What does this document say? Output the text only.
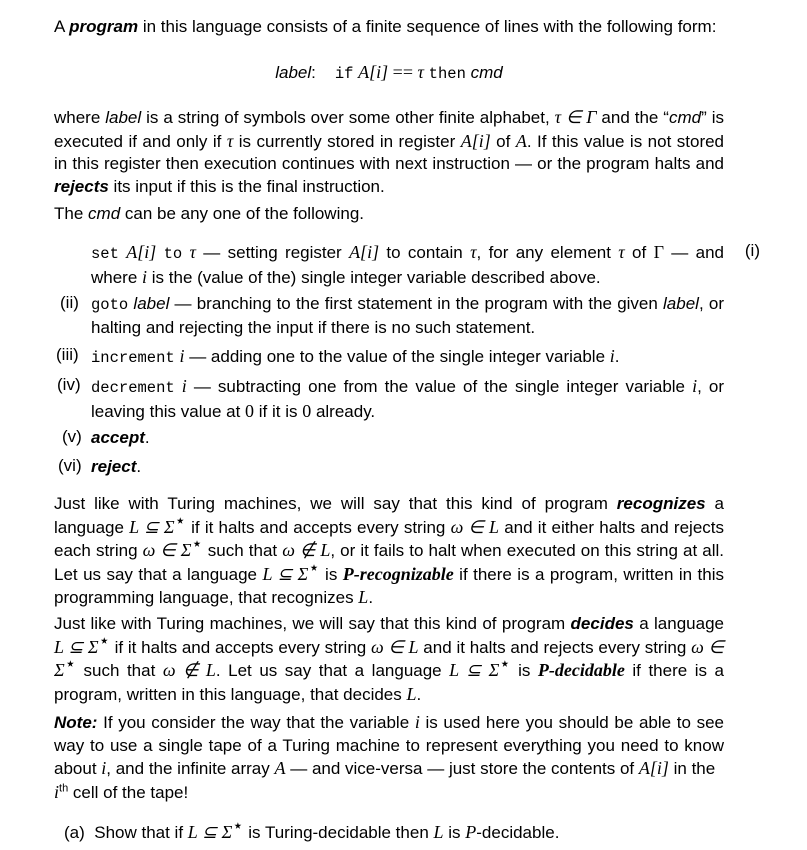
A program in this language consists of a finite sequence of lines with the following form:

label: if A[i] == τ then cmd

where label is a string of symbols over some other finite alphabet, τ ∈ Γ and the “cmd” is executed if and only if τ is currently stored in register A[i] of A. If this value is not stored in this register then execution continues with next instruction — or the program halts and rejects its input if this is the final instruction.

The cmd can be any one of the following.

(i)

set A[i] to τ — setting register A[i] to contain τ, for any element τ of Γ — and where i is the (value of the) single integer variable described above.

(ii) goto label — branching to the first statement in the program with the given label, or halting and rejecting the input if there is no such statement.

(iii) increment i — adding one to the value of the single integer variable i.

(iv) decrement i — subtracting one from the value of the single integer variable i, or leaving this value at 0 if it is 0 already.

(v) accept.

(vi) reject.

Just like with Turing machines, we will say that this kind of program recognizes a language L ⊆ Σ⋆ if it halts and accepts every string ω ∈ L and it either halts and rejects each string ω ∈ Σ⋆ such that ω ∉ L, or it fails to halt when executed on this string at all. Let us say that a language L ⊆ Σ⋆ is P-recognizable if there is a program, written in this programming language, that recognizes L.

Just like with Turing machines, we will say that this kind of program decides a language L ⊆ Σ⋆ if it halts and accepts every string ω ∈ L and it halts and rejects every string ω ∈ Σ⋆ such that ω ∉ L. Let us say that a language L ⊆ Σ⋆ is P-decidable if there is a program, written in this language, that decides L.

Note: If you consider the way that the variable i is used here you should be able to see way to use a single tape of a Turing machine to represent everything you need to know about i, and the infinite array A — and vice-versa — just store the contents of A[i] in the
$i^{th}$ cell of the tape!

(a) Show that if L ⊆ Σ⋆ is Turing-decidable then L is P-decidable.
